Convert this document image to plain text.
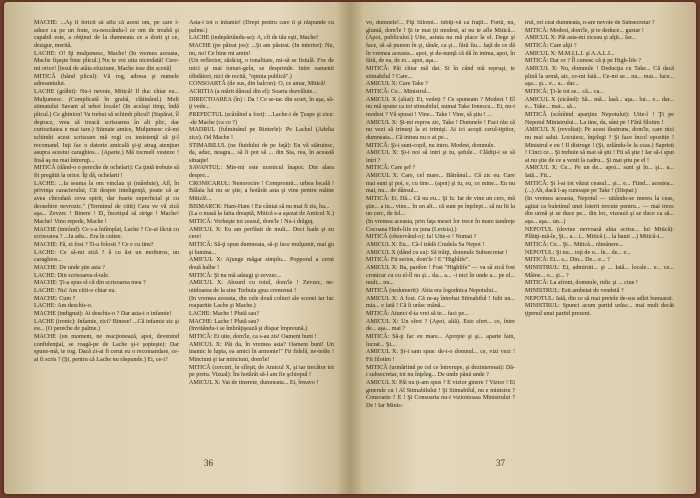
MACHE: ...Aş fi fericit să aflu că acest om, pe care l-aduce ca pe un frate, cu-noscându-l ce om de treabă şi capabil este, a obţinut de la dumneata ce a dorit şi ce, desigur, merită.

LACHE: O! Iţi mulţumesc, Mache! (In vremea aceasta, Mache fişeşte bine plicul.) Nu te voi uita niciodată! Cere-mi orice! [Iesul de atâta efuziune, Mache iese din scenă]

MITICĂ (bând plicul): Vă rog, adresa şi numele adresantului.

LACHE (grăbit): Nu-i nevoie, Mitică! Il duc chiar eu... Mulţumesc. (Complicată în grabă, clătinând.) Mult stimatului Savant al urbei locale! (In acelaşi timp, îndă plicul.) Ce ghinion! Va trebui să schimb plicul! (Supărat, îl deştucz, vrea să treacă scrisoarea în alt plic, dar curiozitatea e mai tare.) Stimate amice, Mulţumesc că-mi schimbi acest scrisoare mă rogi cu insistenţă să ţi-l recomand. Iuţi fac o datorie amicală şi-ţi atrag atenţiun asupra acestui caraghios... (Aparte.) Mă tocmeli vesteze ! Insă aş nu mai întrerup...

MITICĂ (dând-o o pereche de ochelari): Ca ţintă trebuie să fii pregătit la orice. Îţi dă, ochelarii !

LACHE: ...Ia seama la om vinclau şi (mârduie), Afl, în privinţa caracterului, Cit despre inteligenţă, poate că ar avea cîteodată ceva spirit, dar foarte superficial şi cu deosebire nevrozic." (Terminul de citit) Cara ve vă zică aşa... Zevzec ! Binere ! Ei, încetişul să strige ! Mache! Mache! Vino repede, Mache !

MACHE (intrând): Ce s-a întîmplat, Lache ? Ce-ai făcut cu scrisoarea ? ...Ia adu... Era în cutiee.

MACHE: Fă, zi fost ? Ti-a folosit ? Ce e cu tine?

LACHE: Ce să-mi zică ? ă cu ăst un mofturos, un caraghios...

MACHE: De unde ştie asta ?

LACHE: Din scrisoarea d-tale.

MACHE: Ţi-a spus el că din scrisoarea mea ?

LACHE: Nu! Am citit-o chiar eu.

MACHE: Cum ?

LACHE: Am deschis-o.

MACHE (indignat): Ai deschis-o ? Dar asta-i o infamie!

LACHE (ironic): Infamie, zici? Bineee! ...Că infamie zic şi eu... (O pereche de palme.)

MACHE (un moment, ne reacţionează, apoi, devenind confidenţial, se roagă-pe de Lache şi-i şopteşte): Dar spune-mă, te rog. Dacă zi-ai fi cerut eu o recomandare, ce-ai fi scris ? (Şi, pentru că Lache nu răspunde.) Ei, ce-i?

Asta-i tot o infamie! (Drept pentru care îi şi răspunde cu palme.)

LACHE (indepărtându-se): A, cît de tău eşti, Mache!

MACHE (pe pătrat jos): ...Şi am păstrat. (In interior): Nu, nu, no! Ce bine mi amin!

(Un reflector, sărăcuţ, o tonalitate, mi-să se fistulă. Foc de mici şi mai tonuri-gelu, se desprinde. Intre oamenii răbdători, nici de recită, "opinia publică".)

CONSOARTĂ (de sus, din balcon): O, ce amar, Mitică!

ACRITIA (a mărit dânsul din el): Soarta dezvăluie...

DIRECTOAREA (în) : Da ! Ce se-tac din scurt, în aşa, să-ţi vede...

PREFECTUL (scârâind a fost): ...Lache-i de Ţeape şi zice: -de Mache (ca ce ?)

MADRUL (fulminând pe Rinterle): Pe Lachel (Adelia zice). Od Mache !

STIMABILUL (ne fluidului de pe faţă): Eu vă stăruiesc, da, aduc, neagra... să îi pot să ... din Sta, rea, în această situaţie!

SAVANTUL: Mie-mi este ucenicul înapoi. Din alara despre...

CRONICARUL: Nenorocire ! Compromit... urbea locală ! Bălaia lui nu se ştie, a hotărât asta şi vine pentru mâine Mitică!...

BISMARCK: Ham-Ham ! Eu cântai să nu mai fi zis, ha...

(La o masă la fatia dreaptă, Mitică s-a aşezat de Amicul X.)

MITICĂ: Vorbeşte tot ceasul, dom'le ! Nu-i drăguţ.

AMICUL X: Eu am perfăuit de mult... Deci hade şi eu cere!

MITICĂ: Să-ţi spun dumneata, să-ţi face mulţumit, mai gu şi lumina...

AMICUL X: Ajunge măgar simplu... Popporul a cerut două halbe !

MITICĂ: Şi nu mă adaugi şi zevzec...

AMICUL X: Absurd cu totul, dom'le ! Zevzec, ne-uitdoarea de la sine Trebuia şpus cremenai !

(In vremea aceasta, din cele două colturi ale scenei iar fac reaparitie Lache şi Mache.)

LACHE: Mache ! Plută sau?

MACHE: Lache ! Plută sau?

(Invitându-i se îmbrăţişează şi dispar împreună.)

MITICĂ: Ei uite, dom'le, ca s-au zis! Oameni buni !

AMICUL X: Păi da, în vremea asta? Oameni buni! Un inamic le lupta, ea amici în armonie!" Fii fidelă, ne-tedie ! Minciuni şi iar minciuni, dom'le!

MITICĂ (cercuri, în sfîrşit, de Amicul X, şi iar trecător tot pe pretu. Vizual): Îm hotărât să-l am fie şchiopul !

AMICUL X: Vai de tinerete, dumneata... Ei, breavo !

36

vo, dumnele!... Fiţi fiilomi... iubiţi-vă ca fraţii... Fortă, nu, glumă, dom'le ! Şi te mai ţii modest, ai nu te afle Mitică... (Apoi, publicului.) Uite, astuta nu mă place la el. Dege şi face, să să punem în şi, tânăr, ca şi... fără fiu... faţă de ce dă în vremea aceasta... apoi, şi de-nunţă că dă în inima, apoi, în fără, de ea, de ei... apoi, aşa...

MITICĂ: Păi chiar mă dai. Si în când mă repruşi, te stimabilul ? Care...

AMICUL X: Care Take ?

MITICĂ: Ce... Ministrul...

AMICUL X (aliat): Ei, vedeţi ? Ce spuneam ? Modest ! El nu mă spune ca tot stimabilul, numai Take Ionescu... Ei, nu-i modest ? Vă spusei ! Vine... Take ! Vine, să ştiu ! ...

AMICUL X: Şi-mi repros zic, Take ! Dumnele ! Faci rău că nu vezi să trimeţi la ei trimişi. Ai ici aceşti cerul-tipitor, dumneata... Că intrau nu o ai pe...

MITICĂ: Şi-i sunt-copil, nu intru. Modest, domnule.

AMICUL X: Şi-i noi să intri şi tu, şefule... Clădiţi-i se să intri ?

MITICĂ: Care şef ?

AMICUL X: Care, cel mare... Bătrânul... Că zic eu. Care mai sunt şi poi, e, cu tine... (apoi) şi tu, eu, ce mine... Eu nu mai, nu... de dânsul...

MITICĂ: Ei. Dă... Că nu eu... Şi Iz. Iar de vine un cerc, mă ştie... a tu... vine... în un alt... că sunt pe înţelept... să nu fii la un cerc, de fel...

(In vremea aceasta, prin faţa mesei lor trece în mare tandreţe Cocoana Hinh-life cu juna (Lerisia).)

MITICĂ (observând-o): Ia! Uite-o ! Numai ?

AMICUL X: Eu... Că-l trădă Crudela Sa Nepot !

AMICUL X (dând cu ea): Să trăiţi, domnule Subsecretar !

MITICĂ: Fii serios, dom'le ! E "Highlife".

AMICUL X: Ba, pardon ! Fost "Highlife" — va să zică fost cronicar cu cu el-îl nu şi... da... a... -i nici în unde a... pe el... mult... nu...

MITICĂ (nedumerit): Abia era logodnica Nepotului...

AMICUL X: A fost. Că m-aş întrebat Stimabilul ! Iubi un... mia... e fată ! Că îi urâsc mână...

MITICĂ: Atunci d-ta vrei să te... faci pe...

AMICUL X: Un sfert ? (Apoi, aliă). Este sfert... ce, între de... aşa... mai ?

MITICĂ: Să-ţi fac eu mare... Apropie şi şi... aparte fain, lucrat... Şi...

AMICUL X: Şi-i sam spus: de-i-o domnul... ce, vizi vezi ! Fii filotim !

MITICĂ (urmăriind pe cel ce întrerupe, şi dezinteresat): Dă-i subsecretar, tot nu înţeleg... De unde până unde ?

AMICUL X: Păi nu ţi-am spus ? E vizior ginere ? Vizior ! Ei ginerule cu ! Al Stimabilului ! Şi Stimabilul, nu e ministru ? Consoarte ? E ! Şi Consoarta nu-i vizionioasa Ministrului ? De ! Iar Minis-

trul, ori ceai dumneata, n-are nevoie de Subsecretar ?

MITICĂ: Modest, dom'le, şi te deduce... gustar !

AMICUL X: Păi asta-mi ziceau şi alţii... Iar...

MITICĂ: Care alţii ?

AMICUL X: M.M.I.L.I. şi A.A.L.I...

MITICĂ: Dar ce ? Îl cunosc că ţi pe High-life ?

AMICUL X: Nu, domnule ! Deducţia cu Take... Că dacă plină la urmă, aic, ce-mi fată... Ce-mi se... nu... mai... face... aşa... şi... e... a... dar...

MITICĂ: Ţi-le tot se... că... ca...

AMICUL X (zicând): Să... mă... lasă... aşa... lui... e... dar... e... Take... mai... să...

MITICĂ (scârâind aparţine Nepotului): Uite-l ! Ţi pe Nepotul Ministrului... La tine, da, sânt pe ! Fără filotim !

AMICUL X (revoltat): Pe acest ilustruns, dom'le, care nici nu mai salut. Locuiesc, înţelegi ? Şi face încol opozitie ! Ministrul e eu ! Il distruge ! (Şi, urlându-le la ceas.) Sapristi ! Cinci ce... Şi trebuie să mai să ştii ! Fii să ştie ! Iar să-i spui ai nu ştie de ce a venit la cadru... Şi mai ştiu pe el !

AMICUL X: Ce... Pe un de... apoi... sunt şi în... şi... a... Iată... Fii...

MITICĂ: Şi l-ai tot văzut ceasul... şi... e... Fiind... acestea... (...) Ah, dacă l-aş cunoaşte pe Take ! (Dispar.)

(In vremea aceasta, Nepotul — uitându-se mereu la ceas, agitat ca buletinul unei loterii trecute pentru... — mai trece din urmă şi se duce pe... din loc, vizează şi se duce ca să... aşa... aşa... un...)

NEPOTUL (devine nervoasă abia scrise... lui Mitică): Plătiţi-mă-le, Şi... a... i... Mitică (... la banii ...) Mitică-i...

MITICĂ: Ce... Şi... Mitică... rămânere...

NEPOTUL: Şi nu... toţi de o... în... de... e...

MITICĂ: Ei... s... Din... De... e... ?

MINISTRUL: Ei, admiruti... şi ... Iată... locale... e... ce... Mâine... o... şi... ?

MITICĂ: La afront, domnule, ridic şi ... cine !

MINISTRUL: Esti ambetat de vendetă ?

NEPOTUL: Iată, din ce să mai pretele de-sus adlet bunuarat.

MINISTRUL: Spunci acum partid urăsc... mai mult decât ţipenul unui partid prezent.

37
